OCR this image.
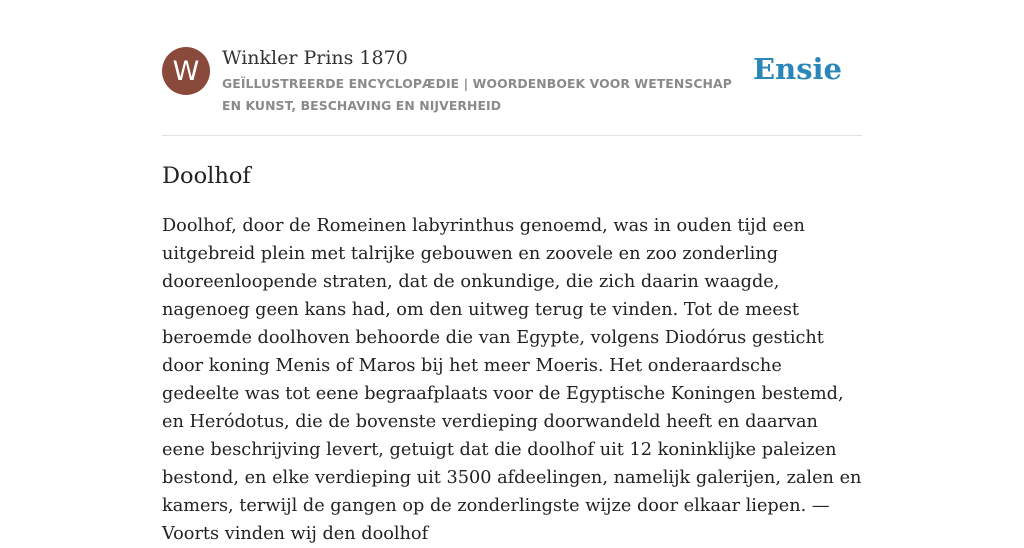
W	Winkler Prins 1870
GEÏLLUSTREERDE ENCYCLOPÆDIE | WOORDENBOEK VOOR WETENSCHAP EN KUNST, BESCHAVING EN NIJVERHEID
Ensie
Doolhof

Doolhof, door de Romeinen labyrinthus genoemd, was in ouden tijd een uitgebreid plein met talrijke gebouwen en zoovele en zoo zonderling dooreenloopende straten, dat de onkundige, die zich daarin waagde, nagenoeg geen kans had, om den uitweg terug te vinden. Tot de meest beroemde doolhoven behoorde die van Egypte, volgens Diodórus gesticht door koning Menis of Maros bij het meer Moeris. Het onderaardsche gedeelte was tot eene begraafplaats voor de Egyptische Koningen bestemd, en Heródotus, die de bovenste verdieping doorwandeld heeft en daarvan eene beschrijving levert, getuigt dat die doolhof uit 12 koninklijke paleizen bestond, en elke verdieping uit 3500 afdeelingen, namelijk galerijen, zalen en kamers, terwijl de gangen op de zonderlingste wijze door elkaar liepen. — Voorts vinden wij den doolhof
